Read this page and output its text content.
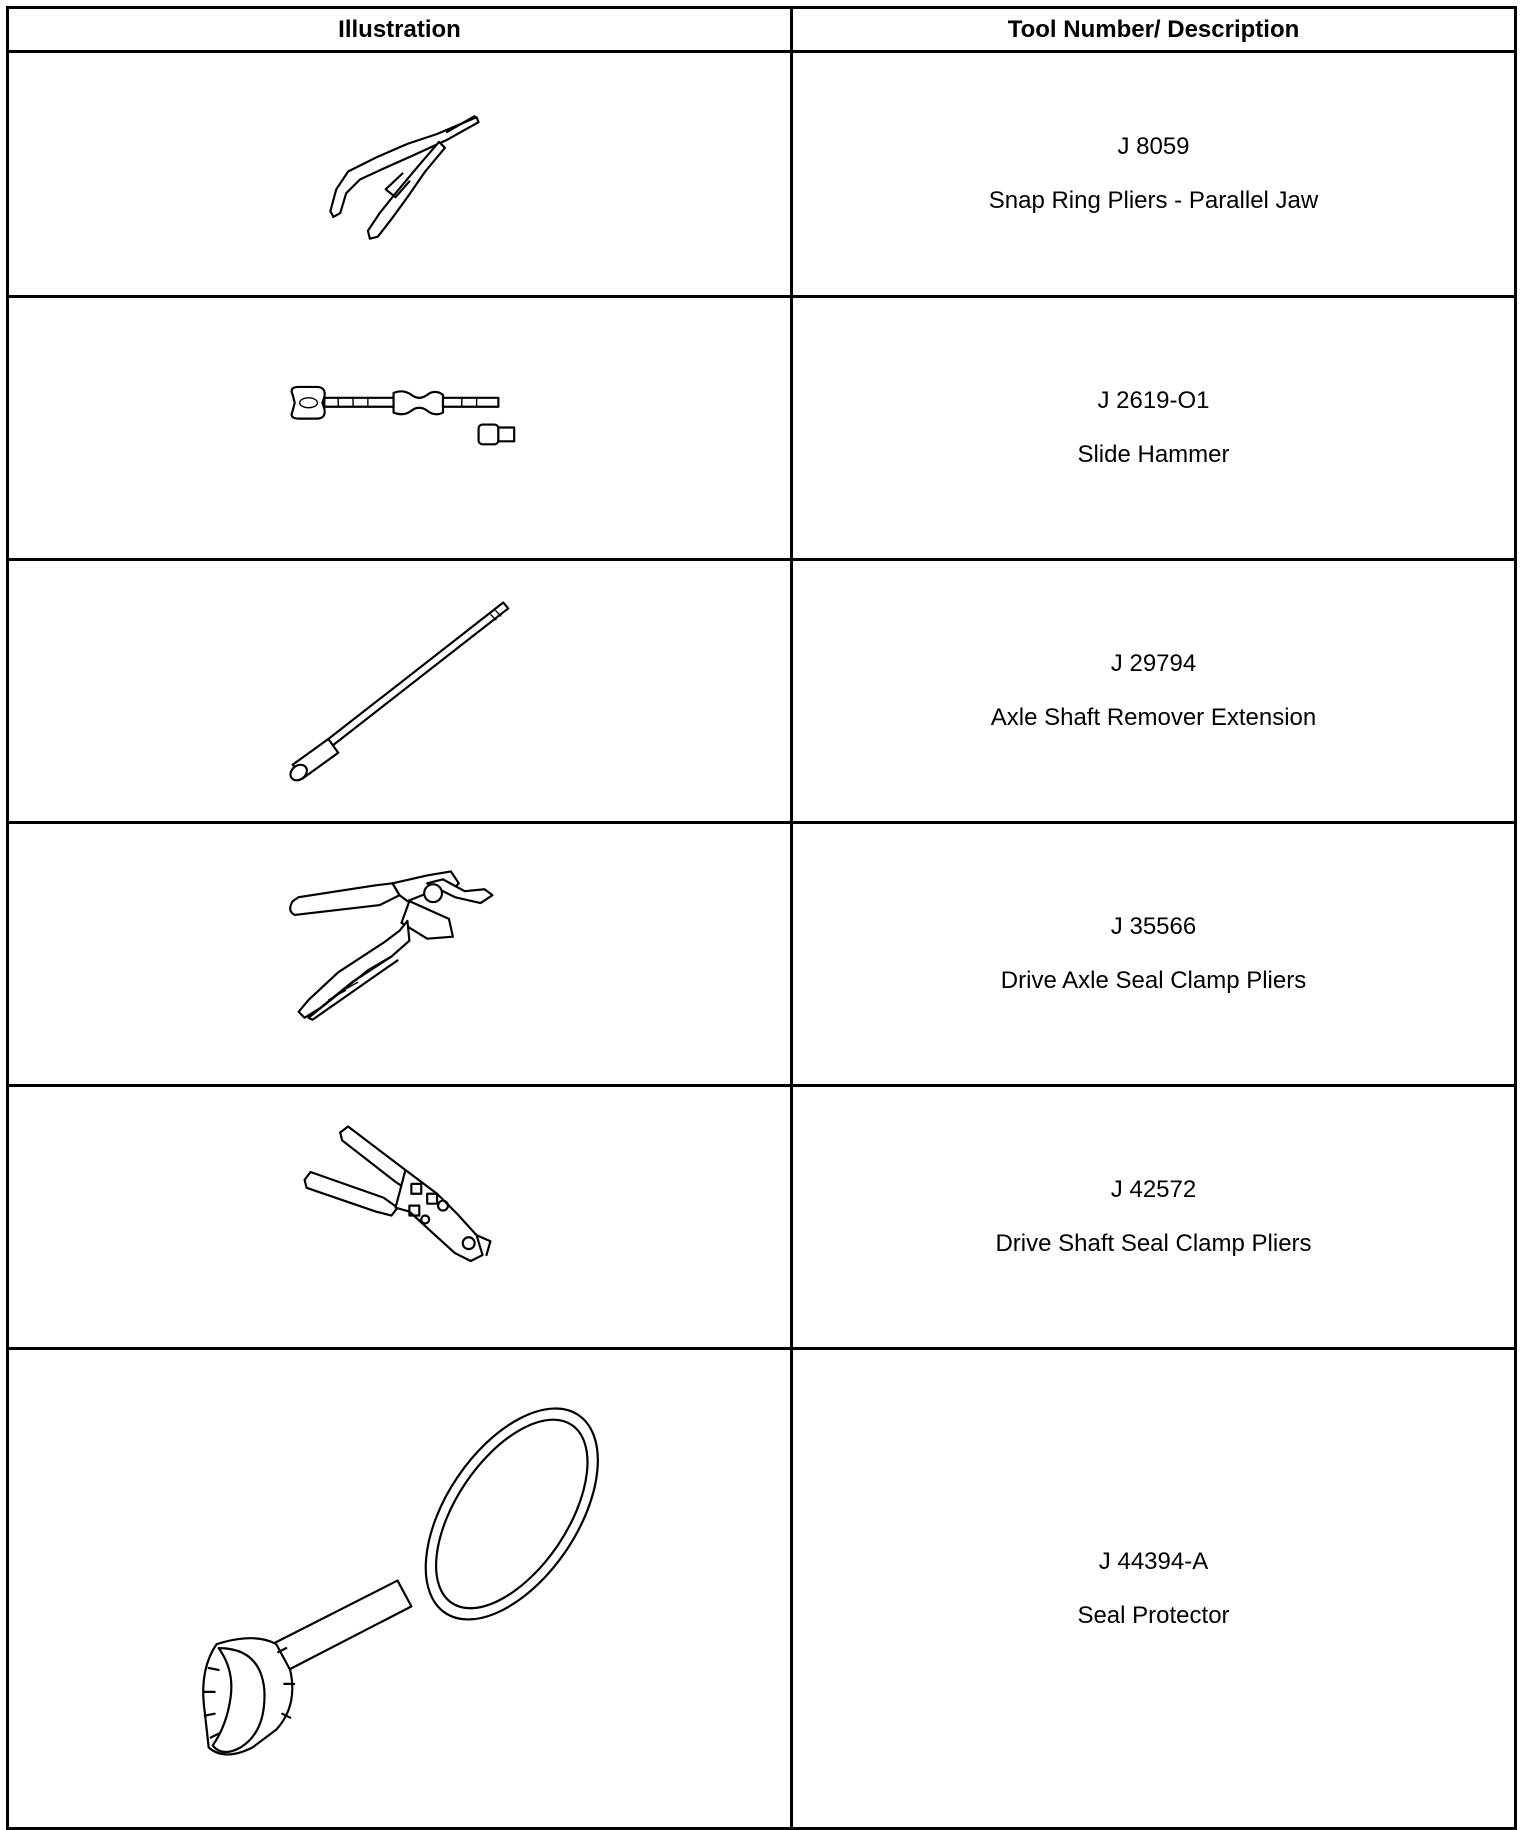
Illustration	Tool Number/ Description

J 8059
Snap Ring Pliers - Parallel Jaw

J 2619-O1
Slide Hammer

J 29794
Axle Shaft Remover Extension

J 35566
Drive Axle Seal Clamp Pliers

J 42572
Drive Shaft Seal Clamp Pliers

J 44394-A
Seal Protector
